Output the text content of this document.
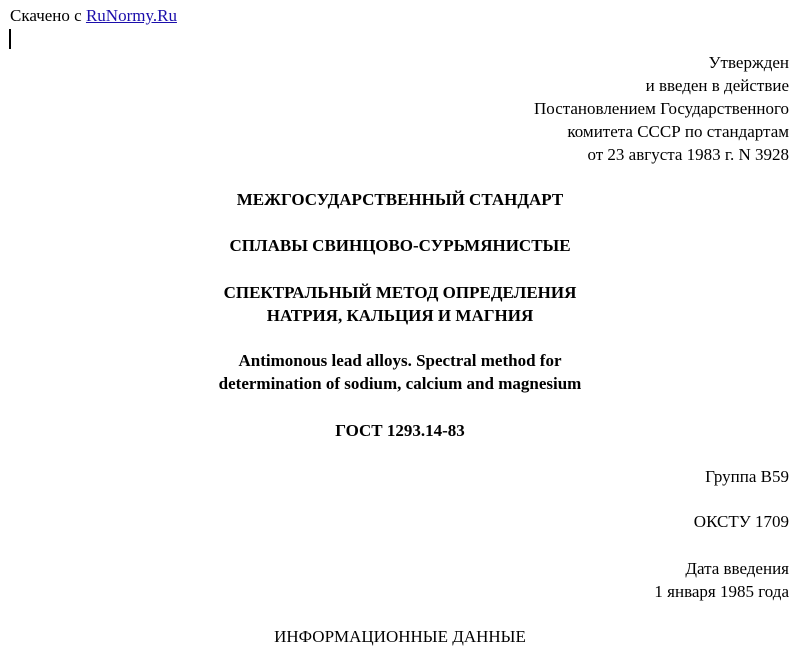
Скачено с RuNormy.Ru
Утвержден
и введен в действие
Постановлением Государственного
комитета СССР по стандартам
от 23 августа 1983 г. N 3928
МЕЖГОСУДАРСТВЕННЫЙ СТАНДАРТ
СПЛАВЫ СВИНЦОВО-СУРЬМЯНИСТЫЕ
СПЕКТРАЛЬНЫЙ МЕТОД ОПРЕДЕЛЕНИЯ
НАТРИЯ, КАЛЬЦИЯ И МАГНИЯ
Antimonous lead alloys. Spectral method for
determination of sodium, calcium and magnesium
ГОСТ 1293.14-83
Группа В59
ОКСТУ 1709
Дата введения
1 января 1985 года
ИНФОРМАЦИОННЫЕ ДАННЫЕ
